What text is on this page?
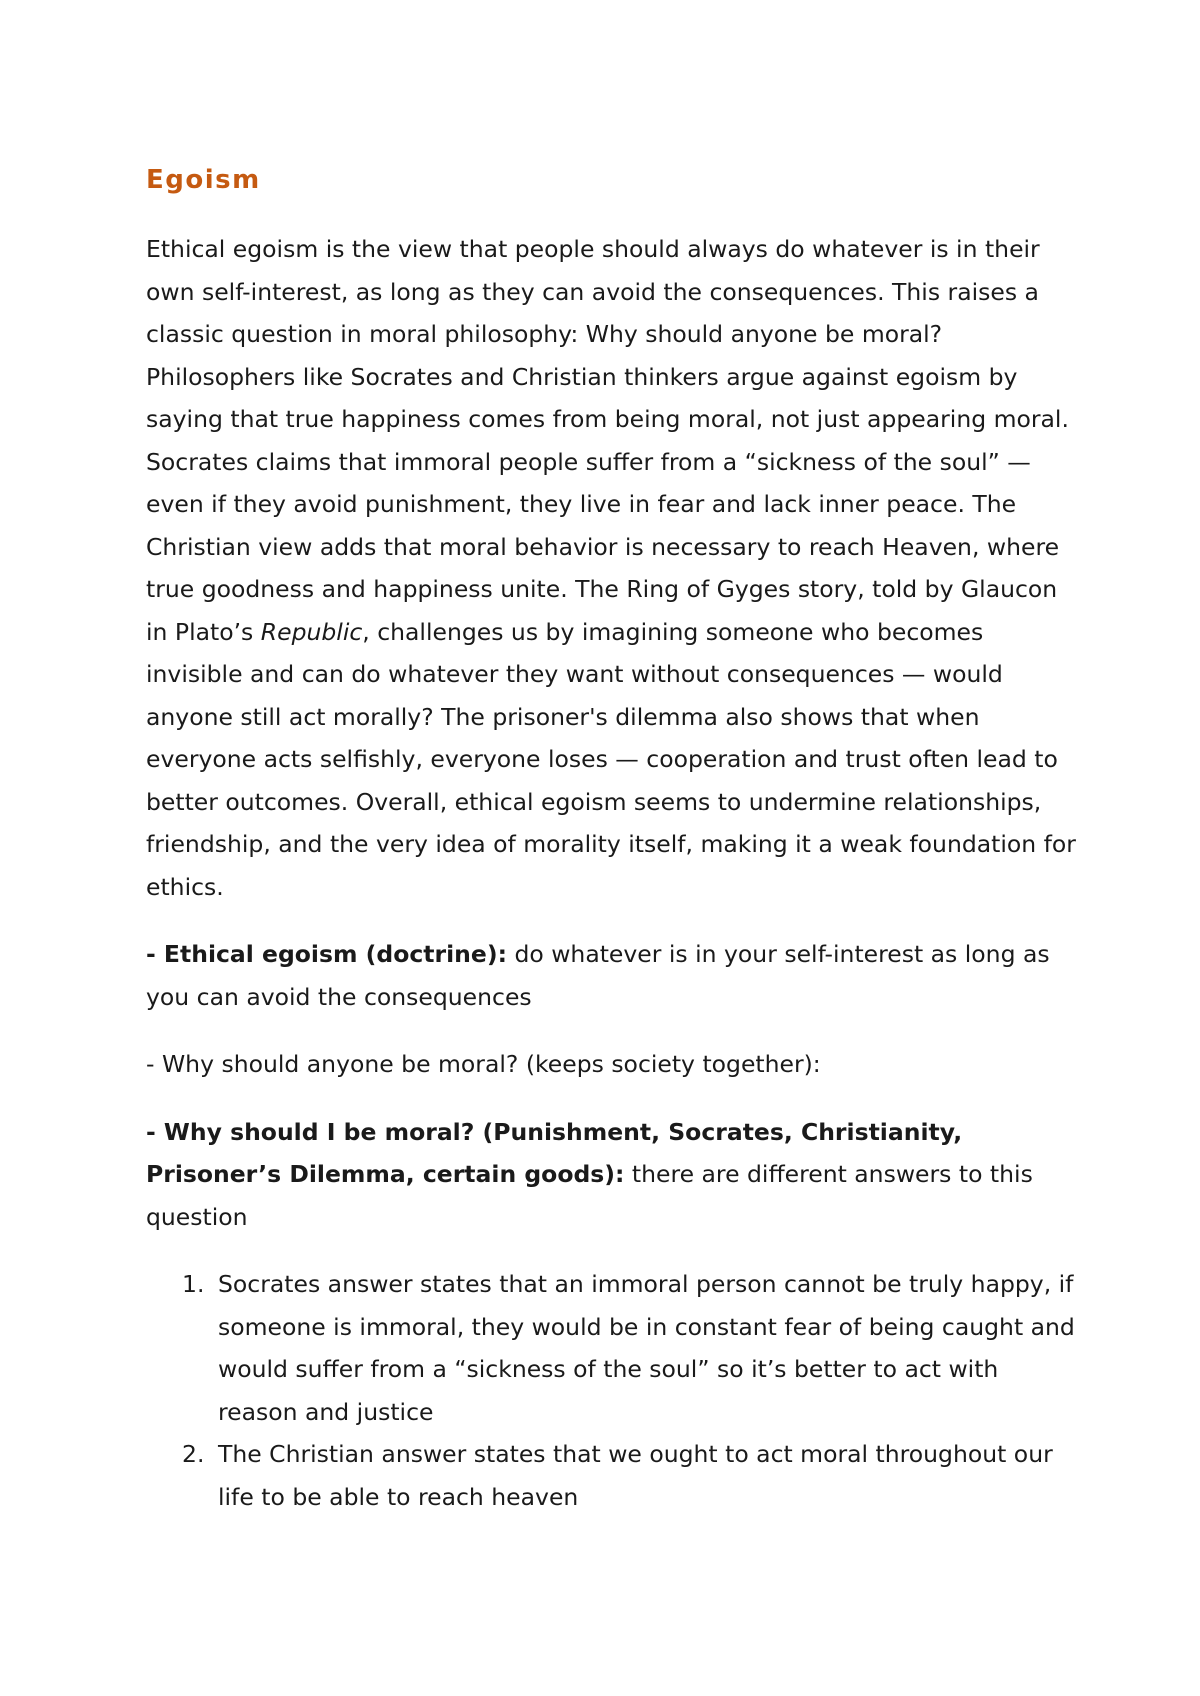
Egoism

Ethical egoism is the view that people should always do whatever is in their own self-interest, as long as they can avoid the consequences. This raises a classic question in moral philosophy: Why should anyone be moral? Philosophers like Socrates and Christian thinkers argue against egoism by saying that true happiness comes from being moral, not just appearing moral. Socrates claims that immoral people suffer from a “sickness of the soul” — even if they avoid punishment, they live in fear and lack inner peace. The Christian view adds that moral behavior is necessary to reach Heaven, where true goodness and happiness unite. The Ring of Gyges story, told by Glaucon in Plato’s Republic, challenges us by imagining someone who becomes invisible and can do whatever they want without consequences — would anyone still act morally? The prisoner's dilemma also shows that when everyone acts selfishly, everyone loses — cooperation and trust often lead to better outcomes. Overall, ethical egoism seems to undermine relationships, friendship, and the very idea of morality itself, making it a weak foundation for ethics.

- Ethical egoism (doctrine): do whatever is in your self-interest as long as you can avoid the consequences

- Why should anyone be moral? (keeps society together):

- Why should I be moral? (Punishment, Socrates, Christianity, Prisoner’s Dilemma, certain goods): there are different answers to this question

1. Socrates answer states that an immoral person cannot be truly happy, if someone is immoral, they would be in constant fear of being caught and would suffer from a “sickness of the soul” so it’s better to act with reason and justice
2. The Christian answer states that we ought to act moral throughout our life to be able to reach heaven
